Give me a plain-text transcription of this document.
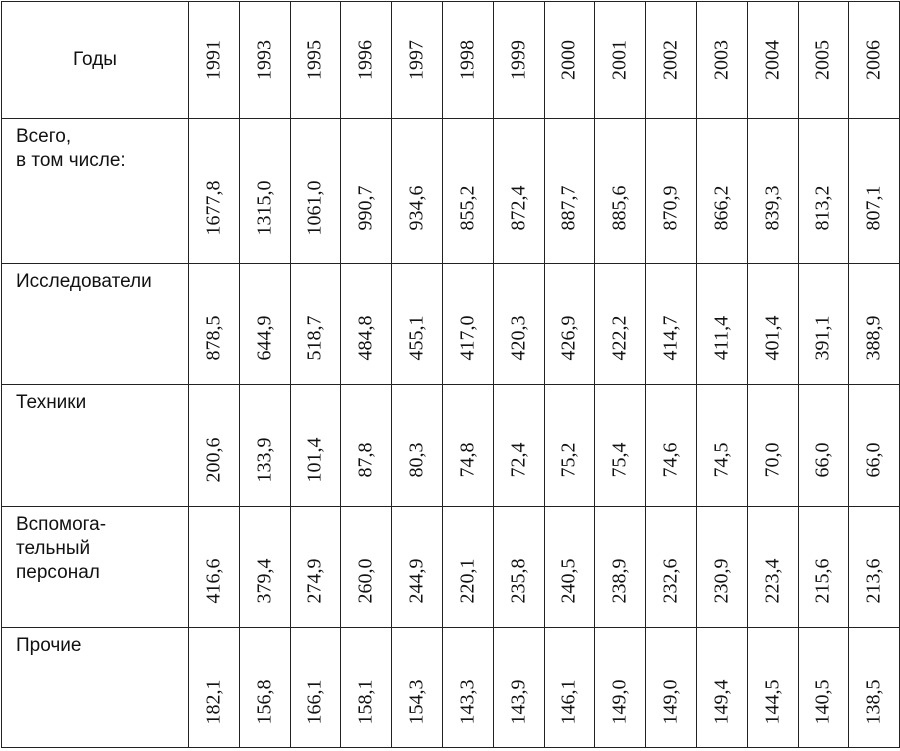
Годы	1991	1993	1995	1996	1997	1998	1999	2000	2001	2002	2003	2004	2005	2006

Всего,
в том числе:	1677,8	1315,0	1061,0	990,7	934,6	855,2	872,4	887,7	885,6	870,9	866,2	839,3	813,2	807,1

Исследователи	878,5	644,9	518,7	484,8	455,1	417,0	420,3	426,9	422,2	414,7	411,4	401,4	391,1	388,9

Техники	200,6	133,9	101,4	87,8	80,3	74,8	72,4	75,2	75,4	74,6	74,5	70,0	66,0	66,0

Вспомога-
тельный
персонал	416,6	379,4	274,9	260,0	244,9	220,1	235,8	240,5	238,9	232,6	230,9	223,4	215,6	213,6

Прочие	182,1	156,8	166,1	158,1	154,3	143,3	143,9	146,1	149,0	149,0	149,4	144,5	140,5	138,5
